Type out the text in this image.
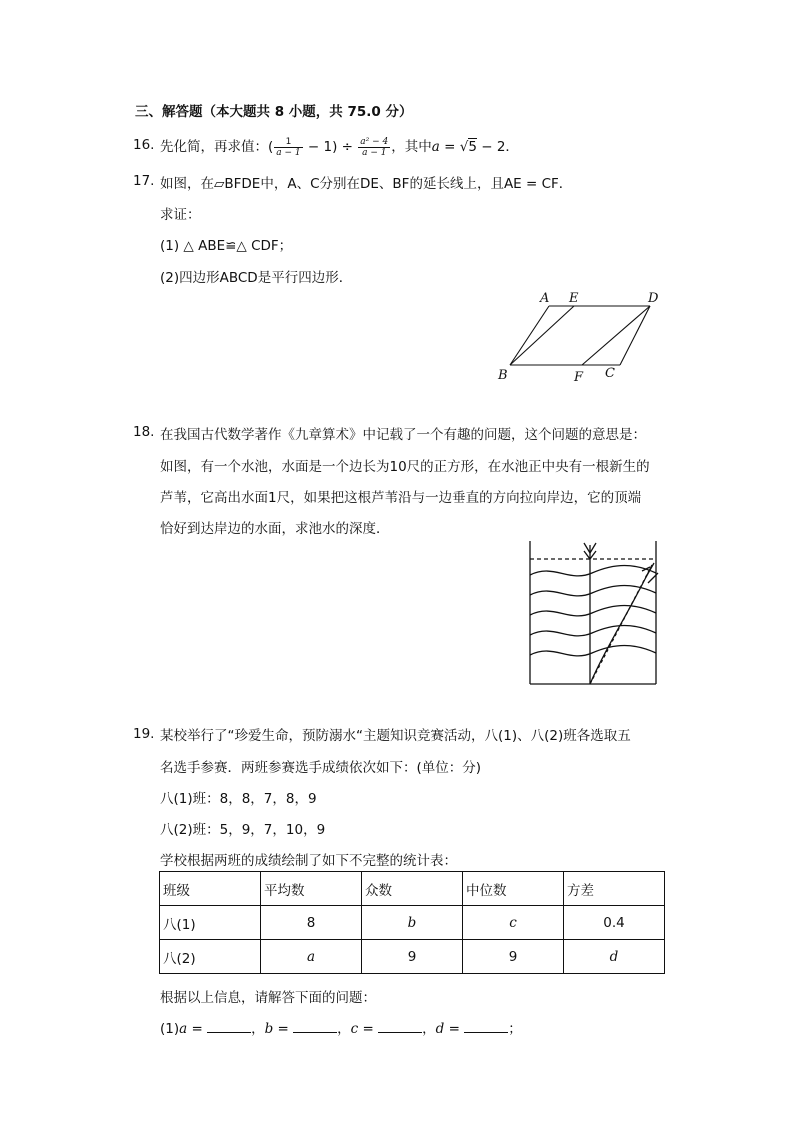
三、解答题（本大题共 8 小题，共 75.0 分）
16. 先化简，再求值：( $\frac{1}{a - 1} - 1) \div \frac{\text{a² − 4}}{a - 1}$ ，其中a = √5 − 2．
17. 如图，在▱BFDE中，A、C分别在DE、BF的延长线上，且AE = CF．
求证：
(1) △ ABE≌△ CDF；
(2)四边形ABCD是平行四边形．
A E	D
B	F C
18. 在我国古代数学著作《九章算术》中记载了一个有趣的问题，这个问题的意思是：
如图，有一个水池，水面是一个边长为10尺的正方形，在水池正中央有一根新生的
芦苇，它高出水面1尺，如果把这根芦苇沿与一边垂直的方向拉向岸边，它的顶端
恰好到达岸边的水面，求池水的深度．
19. 某校举行了“珍爱生命，预防溺水“主题知识竞赛活动，八(1)、八(2)班各选取五
名选手参赛．两班参赛选手成绩依次如下：(单位：分)
八(1)班：8，8，7，8，9
八(2)班：5，9，7，10，9
学校根据两班的成绩绘制了如下不完整的统计表：
班级	平均数	众数	中位数	方差
八(1)	8	b	c	0.4
八(2)	a	9	9	d
根据以上信息，请解答下面的问题：
(1)a =	，b =	，c =	，d =	；
